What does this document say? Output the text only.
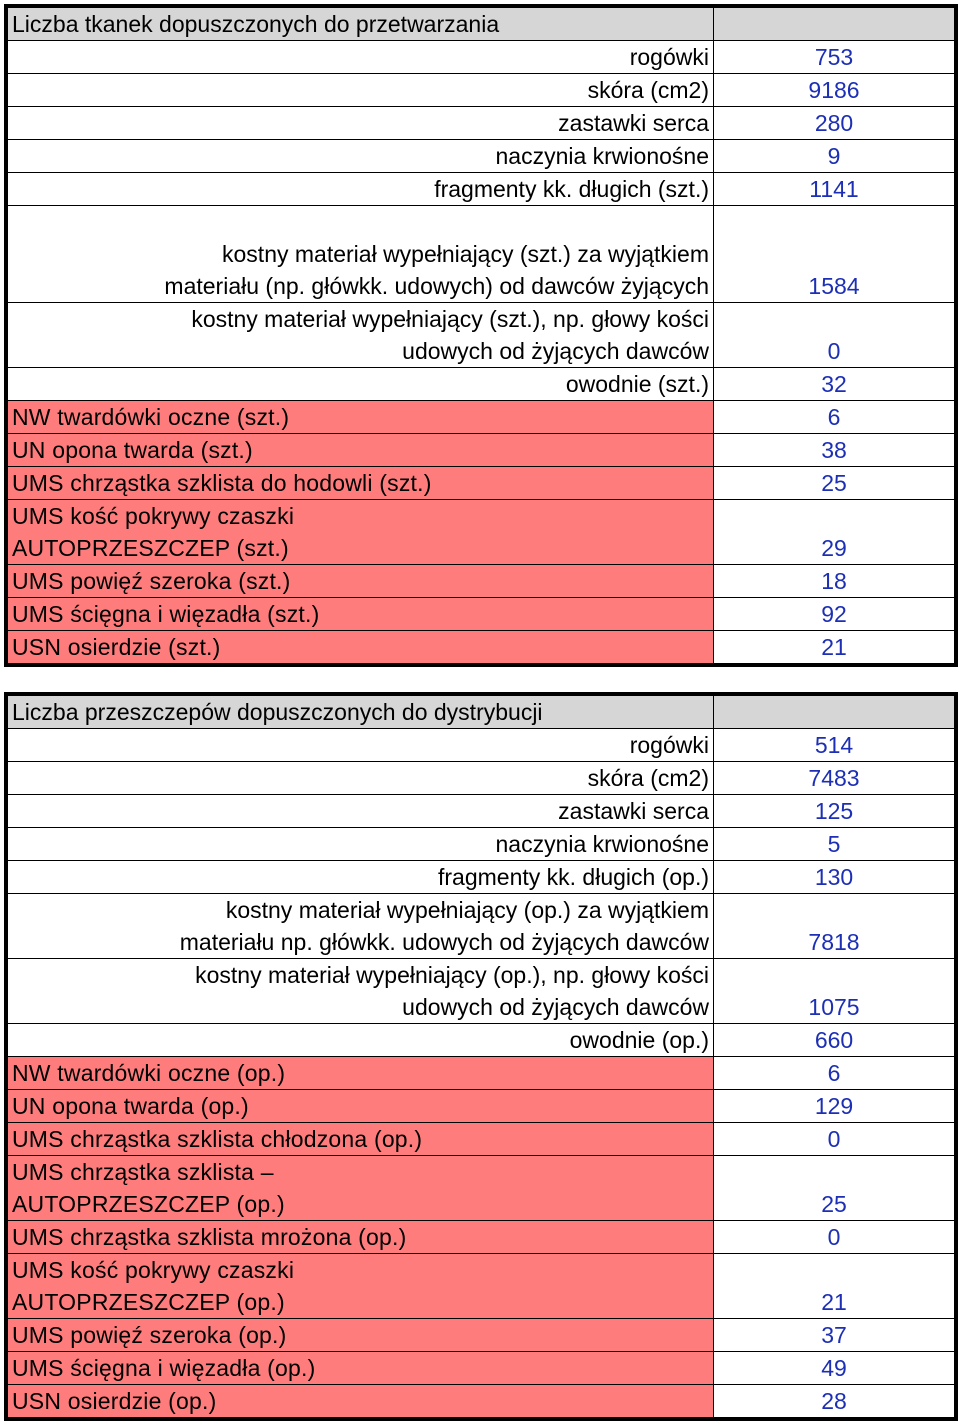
Liczba tkanek dopuszczonych do przetwarzania	
rogówki	753
skóra (cm2)	9186
zastawki serca	280
naczynia krwionośne	9
fragmenty kk. długich (szt.)	1141

kostny materiał wypełniający (szt.) za wyjątkiem
materiału (np. główkk. udowych) od dawców żyjących	1584

kostny materiał wypełniający (szt.), np. głowy kości
udowych od żyjących dawców	0
owodnie (szt.)	32
NW twardówki oczne (szt.)	6
UN opona twarda (szt.)	38
UMS chrząstka szklista do hodowli (szt.)	25

UMS kość pokrywy czaszki
AUTOPRZESZCZEP (szt.)	29
UMS powięź szeroka (szt.)	18
UMS ścięgna i więzadła (szt.)	92
USN osierdzie (szt.)	21
Liczba przeszczepów dopuszczonych do dystrybucji	
rogówki	514
skóra (cm2)	7483
zastawki serca	125
naczynia krwionośne	5
fragmenty kk. długich (op.)	130

kostny materiał wypełniający (op.) za wyjątkiem
materiału np. główkk. udowych od żyjących dawców	7818

kostny materiał wypełniający (op.), np. głowy kości
udowych od żyjących dawców	1075
owodnie (op.)	660
NW twardówki oczne (op.)	6
UN opona twarda (op.)	129
UMS chrząstka szklista chłodzona (op.)	0

UMS chrząstka szklista –
AUTOPRZESZCZEP (op.)	25
UMS chrząstka szklista mrożona (op.)	0

UMS kość pokrywy czaszki
AUTOPRZESZCZEP (op.)	21
UMS powięź szeroka (op.)	37
UMS ścięgna i więzadła (op.)	49
USN osierdzie (op.)	28
